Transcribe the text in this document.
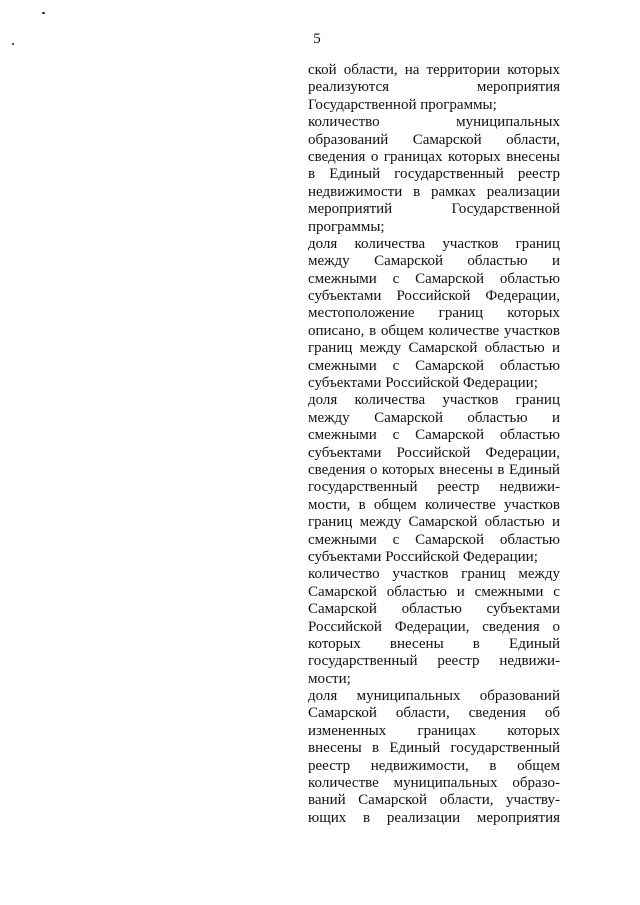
5
ской области, на территории которых
реализуются	мероприятия
Государственной программы;
количество	муниципальных
образований Самарской области,
сведения о границах которых внесены
в Единый государственный реестр
недвижимости в рамках реализации
мероприятий	Государственной
программы;
доля количества участков границ
между Самарской областью и
смежными с Самарской областью
субъектами Российской Федерации,
местоположение границ которых
описано, в общем количестве участков
границ между Самарской областью и
смежными с Самарской областью
субъектами Российской Федерации;
доля количества участков границ
между Самарской областью и
смежными с Самарской областью
субъектами Российской Федерации,
сведения о которых внесены в Единый
государственный реестр недвижи-
мости, в общем количестве участков
границ между Самарской областью и
смежными с Самарской областью
субъектами Российской Федерации;
количество участков границ между
Самарской областью и смежными с
Самарской областью субъектами
Российской Федерации, сведения о
которых внесены в Единый
государственный реестр недвижи-
мости;
доля муниципальных образований
Самарской области, сведения об
измененных границах которых
внесены в Единый государственный
реестр недвижимости, в общем
количестве муниципальных образо-
ваний Самарской области, участву-
ющих в реализации мероприятия
